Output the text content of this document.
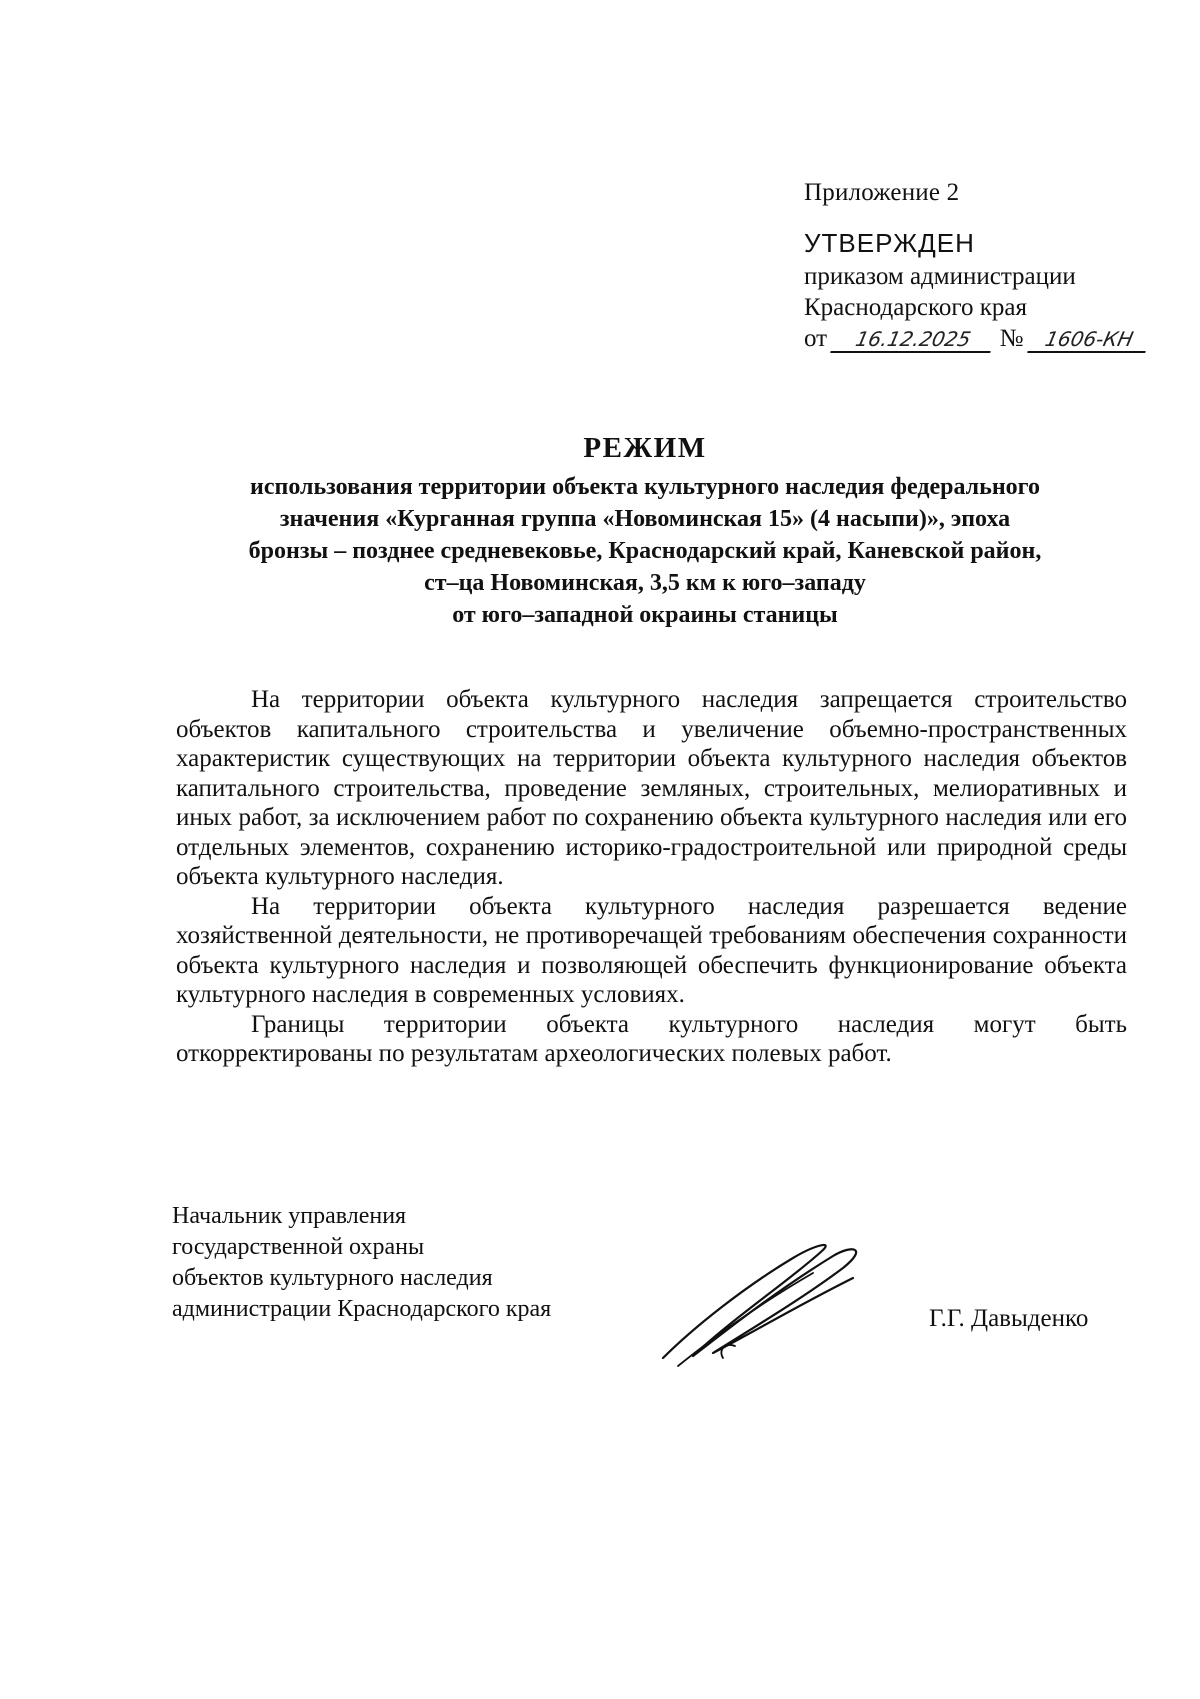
Приложение 2
УТВЕРЖДЕН
приказом администрации
Краснодарского края
от 16.12.2025 № 1606-КН
РЕЖИМ
использования территории объекта культурного наследия федерального
значения «Курганная группа «Новоминская 15» (4 насыпи)», эпоха
бронзы – позднее средневековье, Краснодарский край, Каневской район,
ст–ца Новоминская, 3,5 км к юго–западу
от юго–западной окраины станицы

На территории объекта культурного наследия запрещается строительство объектов капитального строительства и увеличение объемно-пространственных характеристик существующих на территории объекта культурного наследия объектов капитального строительства, проведение земляных, строительных, мелиоративных и иных работ, за исключением работ по сохранению объекта культурного наследия или его отдельных элементов, сохранению историко-градостроительной или природной среды объекта культурного наследия.

На территории объекта культурного наследия разрешается ведение хозяйственной деятельности, не противоречащей требованиям обеспечения сохранности объекта культурного наследия и позволяющей обеспечить функционирование объекта культурного наследия в современных условиях.

Границы территории объекта культурного наследия могут быть откорректированы по результатам археологических полевых работ.

Начальник управления
государственной охраны
объектов культурного наследия
администрации Краснодарского края	Г.Г. Давыденко
